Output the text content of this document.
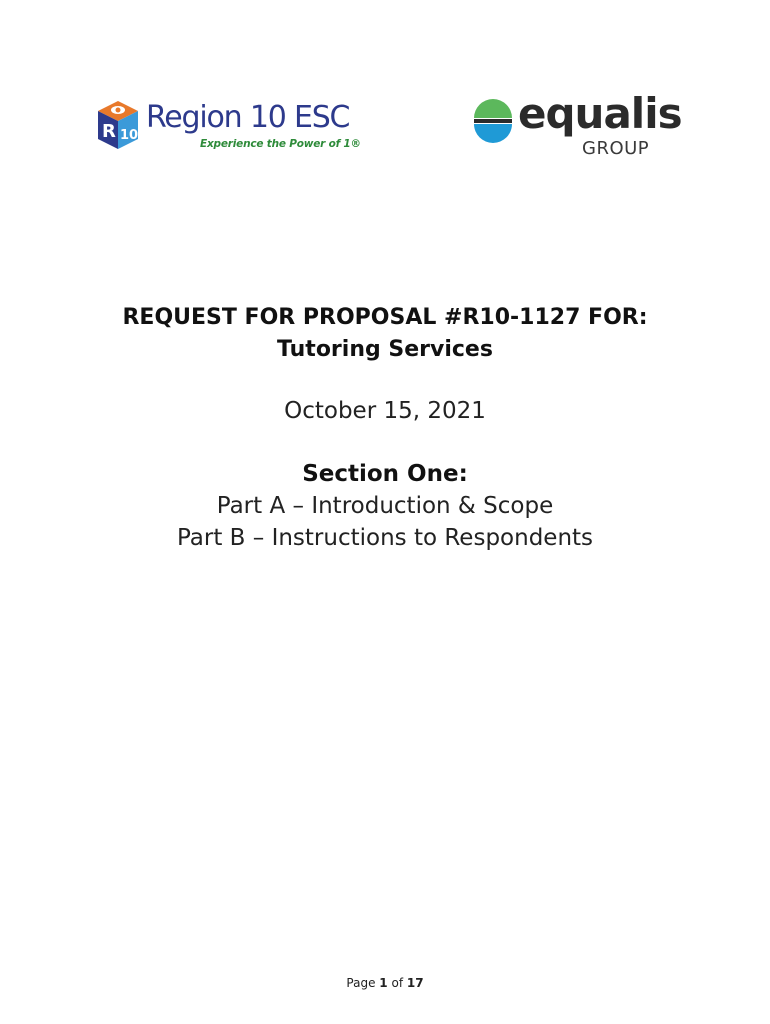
R 10
Region 10 ESC
Experience the Power of 1®
equalis
GROUP
REQUEST FOR PROPOSAL #R10-1127 FOR:
Tutoring Services
October 15, 2021
Section One:
Part A – Introduction & Scope
Part B – Instructions to Respondents
Page 1 of 17
